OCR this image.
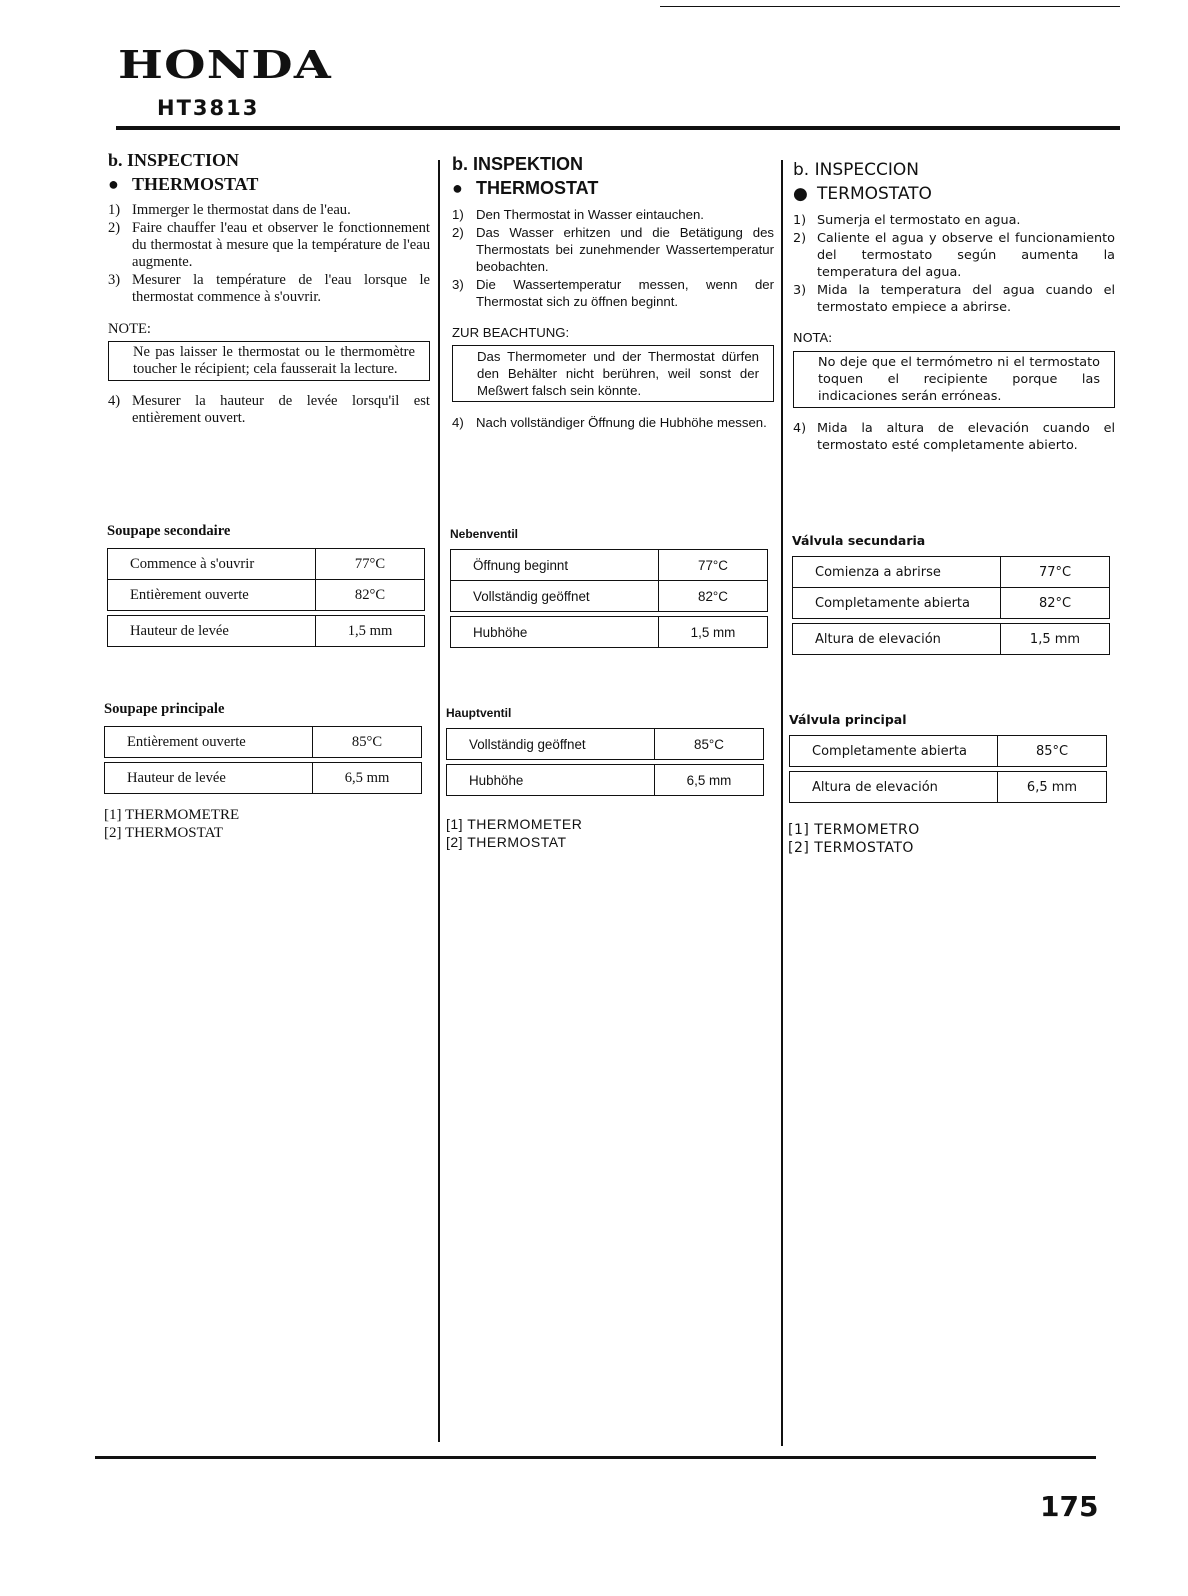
HONDA
HT3813
b. INSPECTION
● THERMOSTAT
1) Immerger le thermostat dans de l'eau.
2) Faire chauffer l'eau et observer le fonctionnement du thermostat à mesure que la température de l'eau augmente.
3) Mesurer la température de l'eau lorsque le thermostat commence à s'ouvrir.
NOTE:
Ne pas laisser le thermostat ou le thermomètre toucher le récipient; cela fausserait la lecture.
4) Mesurer la hauteur de levée lorsqu'il est entièrement ouvert.
Soupape secondaire
Commence à s'ouvrir	77°C
Entièrement ouverte	82°C

Hauteur de levée	1,5 mm
Soupape principale
Entièrement ouverte	85°C

Hauteur de levée	6,5 mm
[1] THERMOMETRE
[2] THERMOSTAT
b. INSPEKTION
● THERMOSTAT
1) Den Thermostat in Wasser eintauchen.
2) Das Wasser erhitzen und die Betätigung des Thermostats bei zunehmender Wassertemperatur beobachten.
3) Die Wassertemperatur messen, wenn der Thermostat sich zu öffnen beginnt.
ZUR BEACHTUNG:
Das Thermometer und der Thermostat dürfen den Behälter nicht berühren, weil sonst der Meßwert falsch sein könnte.
4) Nach vollständiger Öffnung die Hubhöhe messen.
Nebenventil
Öffnung beginnt	77°C
Vollständig geöffnet	82°C

Hubhöhe	1,5 mm
Hauptventil
Vollständig geöffnet	85°C

Hubhöhe	6,5 mm
[1] THERMOMETER
[2] THERMOSTAT
b. INSPECCION
● TERMOSTATO
1) Sumerja el termostato en agua.
2) Caliente el agua y observe el funcionamiento del termostato según aumenta la temperatura del agua.
3) Mida la temperatura del agua cuando el termostato empiece a abrirse.
NOTA:
No deje que el termómetro ni el termostato toquen el recipiente porque las indicaciones serán erróneas.
4) Mida la altura de elevación cuando el termostato esté completamente abierto.
Válvula secundaria
Comienza a abrirse	77°C
Completamente abierta	82°C

Altura de elevación	1,5 mm
Válvula principal
Completamente abierta	85°C

Altura de elevación	6,5 mm
[1] TERMOMETRO
[2] TERMOSTATO
175
